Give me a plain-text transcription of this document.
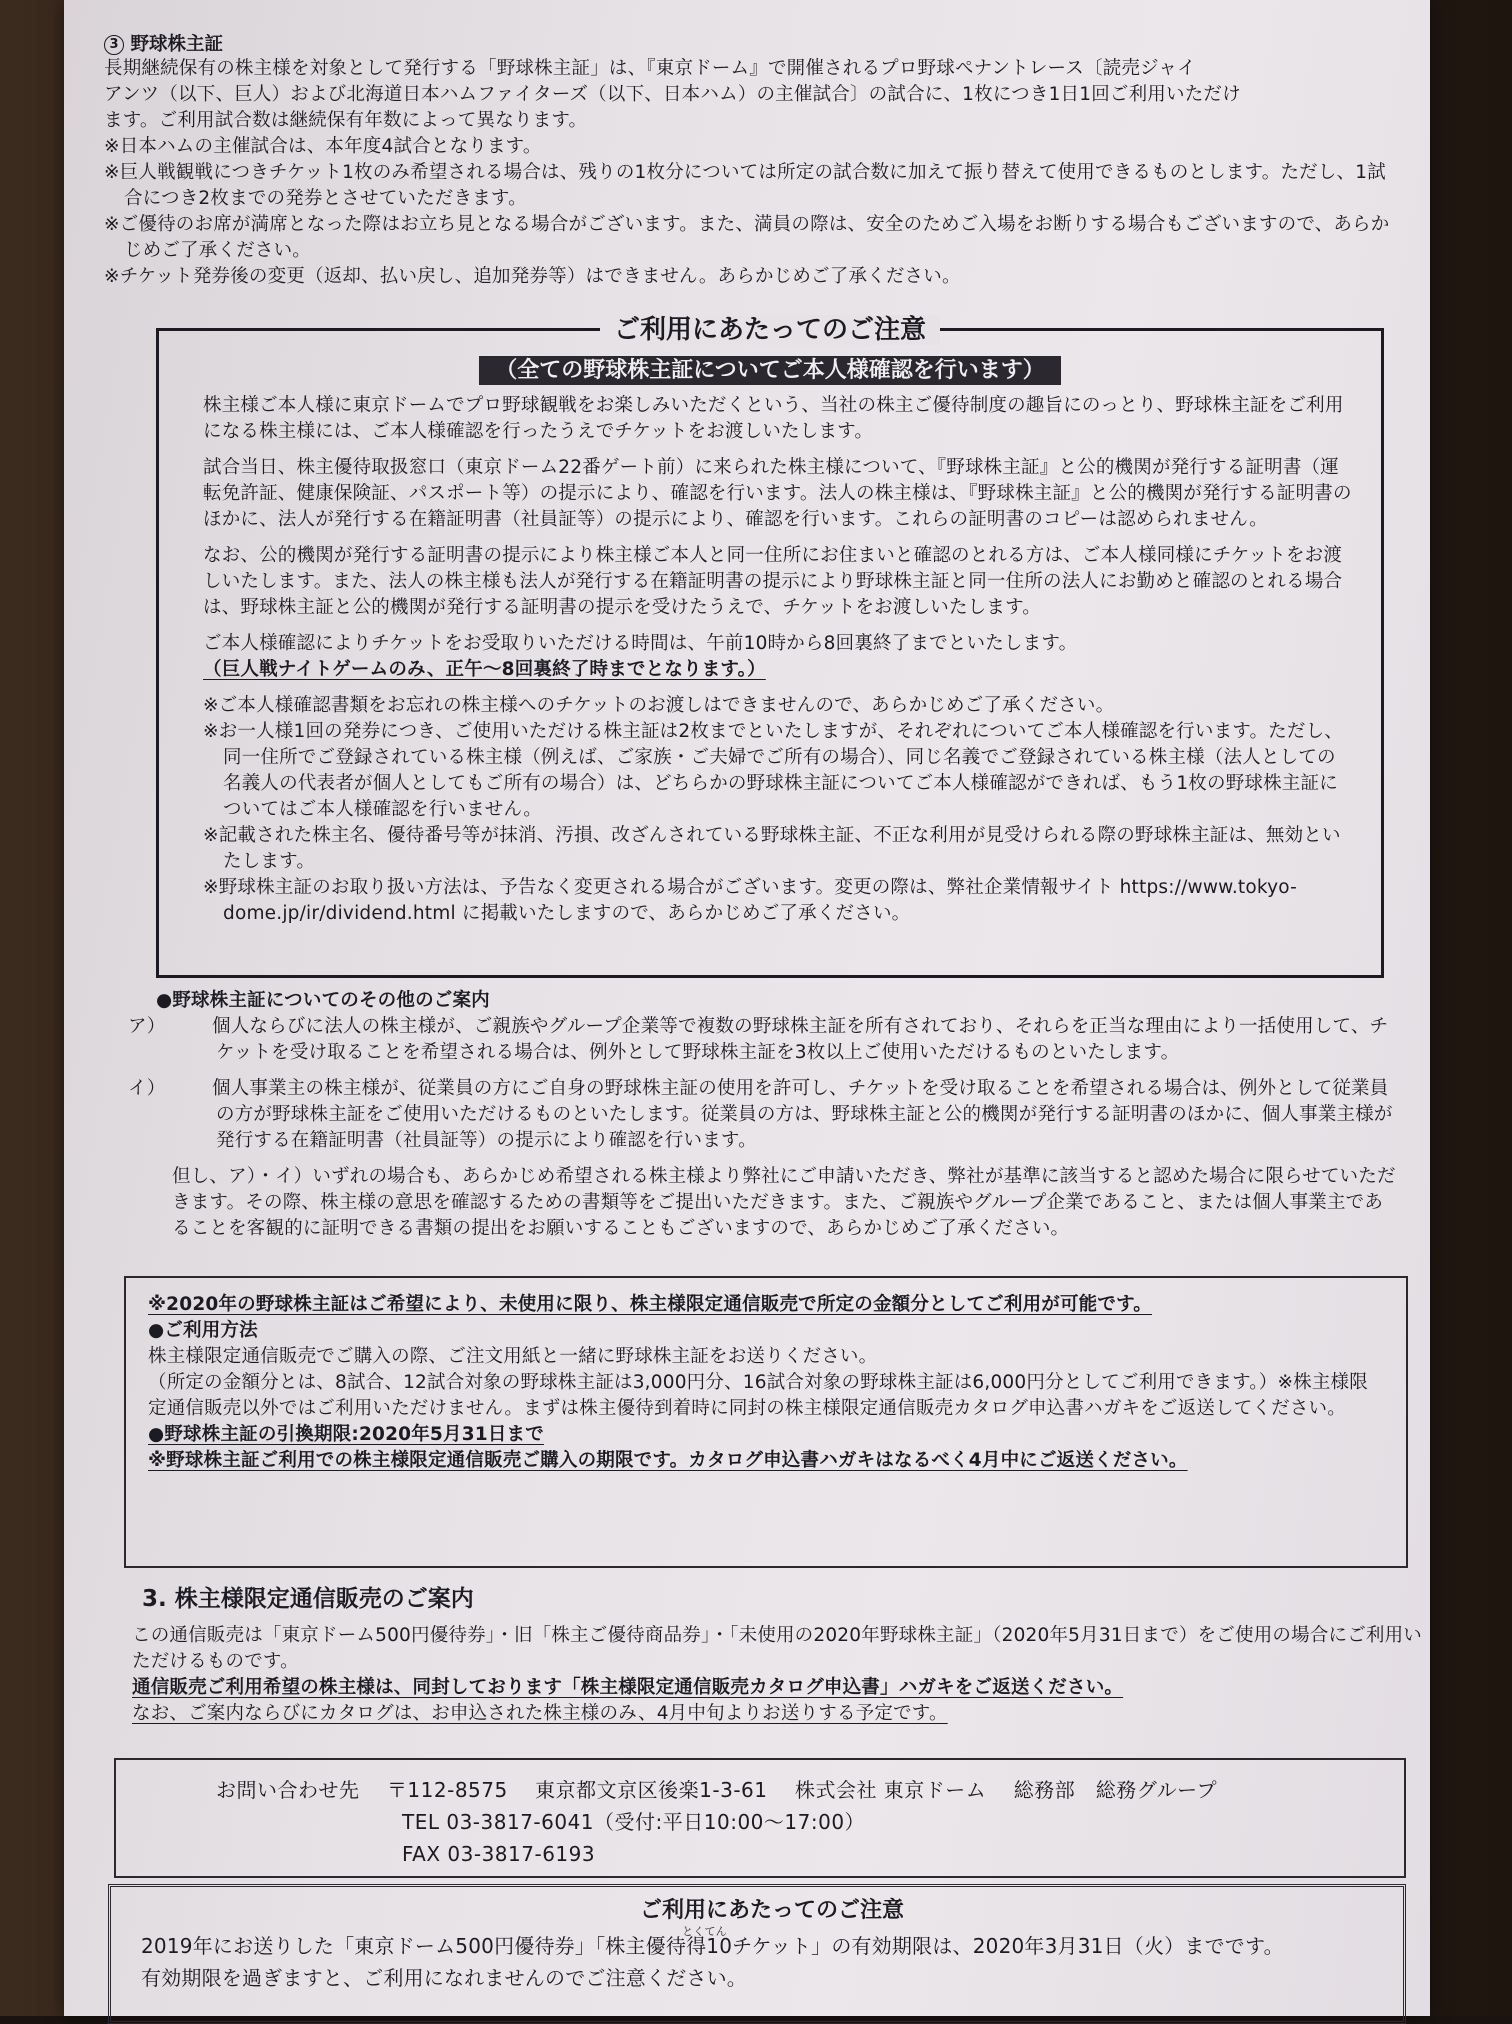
3 野球株主証

長期継続保有の株主様を対象として発行する「野球株主証」は、『東京ドーム』で開催されるプロ野球ペナントレース〔読売ジャイ

アンツ（以下、巨人）および北海道日本ハムファイターズ（以下、日本ハム）の主催試合〕の試合に、1枚につき1日1回ご利用いただけ

ます。ご利用試合数は継続保有年数によって異なります。

※日本ハムの主催試合は、本年度4試合となります。

※巨人戦観戦につきチケット1枚のみ希望される場合は、残りの1枚分については所定の試合数に加えて振り替えて使用できるものとします。ただし、1試合につき2枚までの発券とさせていただきます。

※ご優待のお席が満席となった際はお立ち見となる場合がございます。また、満員の際は、安全のためご入場をお断りする場合もございますので、あらかじめご了承ください。

※チケット発券後の変更（返却、払い戻し、追加発券等）はできません。あらかじめご了承ください。

ご利用にあたってのご注意
（全ての野球株主証についてご本人様確認を行います）

株主様ご本人様に東京ドームでプロ野球観戦をお楽しみいただくという、当社の株主ご優待制度の趣旨にのっとり、野球株主証をご利用になる株主様には、ご本人様確認を行ったうえでチケットをお渡しいたします。

試合当日、株主優待取扱窓口（東京ドーム22番ゲート前）に来られた株主様について、『野球株主証』と公的機関が発行する証明書（運転免許証、健康保険証、パスポート等）の提示により、確認を行います。法人の株主様は、『野球株主証』と公的機関が発行する証明書のほかに、法人が発行する在籍証明書（社員証等）の提示により、確認を行います。これらの証明書のコピーは認められません。

なお、公的機関が発行する証明書の提示により株主様ご本人と同一住所にお住まいと確認のとれる方は、ご本人様同様にチケットをお渡しいたします。また、法人の株主様も法人が発行する在籍証明書の提示により野球株主証と同一住所の法人にお勤めと確認のとれる場合は、野球株主証と公的機関が発行する証明書の提示を受けたうえで、チケットをお渡しいたします。

ご本人様確認によりチケットをお受取りいただける時間は、午前10時から8回裏終了までといたします。

（巨人戦ナイトゲームのみ、正午～8回裏終了時までとなります。）

※ご本人様確認書類をお忘れの株主様へのチケットのお渡しはできませんので、あらかじめご了承ください。

※お一人様1回の発券につき、ご使用いただける株主証は2枚までといたしますが、それぞれについてご本人様確認を行います。ただし、同一住所でご登録されている株主様（例えば、ご家族・ご夫婦でご所有の場合）、同じ名義でご登録されている株主様（法人としての名義人の代表者が個人としてもご所有の場合）は、どちらかの野球株主証についてご本人様確認ができれば、もう1枚の野球株主証についてはご本人様確認を行いません。

※記載された株主名、優待番号等が抹消、汚損、改ざんされている野球株主証、不正な利用が見受けられる際の野球株主証は、無効といたします。

※野球株主証のお取り扱い方法は、予告なく変更される場合がございます。変更の際は、弊社企業情報サイト https://www.tokyo-dome.jp/ir/dividend.html に掲載いたしますので、あらかじめご了承ください。

●野球株主証についてのその他のご案内

ア）	個人ならびに法人の株主様が、ご親族やグループ企業等で複数の野球株主証を所有されており、それらを正当な理由により一括使用して、チケットを受け取ることを希望される場合は、例外として野球株主証を3枚以上ご使用いただけるものといたします。

イ）	個人事業主の株主様が、従業員の方にご自身の野球株主証の使用を許可し、チケットを受け取ることを希望される場合は、例外として従業員の方が野球株主証をご使用いただけるものといたします。従業員の方は、野球株主証と公的機関が発行する証明書のほかに、個人事業主様が発行する在籍証明書（社員証等）の提示により確認を行います。

但し、ア）・イ）いずれの場合も、あらかじめ希望される株主様より弊社にご申請いただき、弊社が基準に該当すると認めた場合に限らせていただきます。その際、株主様の意思を確認するための書類等をご提出いただきます。また、ご親族やグループ企業であること、または個人事業主であることを客観的に証明できる書類の提出をお願いすることもございますので、あらかじめご了承ください。

※2020年の野球株主証はご希望により、未使用に限り、株主様限定通信販売で所定の金額分としてご利用が可能です。

●ご利用方法

株主様限定通信販売でご購入の際、ご注文用紙と一緒に野球株主証をお送りください。

（所定の金額分とは、8試合、12試合対象の野球株主証は3,000円分、16試合対象の野球株主証は6,000円分としてご利用できます。）※株主様限定通信販売以外ではご利用いただけません。まずは株主優待到着時に同封の株主様限定通信販売カタログ申込書ハガキをご返送してください。

●野球株主証の引換期限:2020年5月31日まで

※野球株主証ご利用での株主様限定通信販売ご購入の期限です。カタログ申込書ハガキはなるべく4月中にご返送ください。

3. 株主様限定通信販売のご案内

この通信販売は「東京ドーム500円優待券」・旧「株主ご優待商品券」・「未使用の2020年野球株主証」（2020年5月31日まで）をご使用の場合にご利用いただけるものです。

通信販売ご利用希望の株主様は、同封しております「株主様限定通信販売カタログ申込書」ハガキをご返送ください。

なお、ご案内ならびにカタログは、お申込された株主様のみ、4月中旬よりお送りする予定です。

お問い合わせ先 〒112-8575 東京都文京区後楽1-3-61 株式会社 東京ドーム 総務部　総務グループ

TEL 03-3817-6041（受付:平日10:00～17:00）

FAX 03-3817-6193

ご利用にあたってのご注意

2019年にお送りした「東京ドーム500円優待券」「株主優待
とくてん
得10チケット」の有効期限は、2020年3月31日（火）までです。

有効期限を過ぎますと、ご利用になれませんのでご注意ください。
